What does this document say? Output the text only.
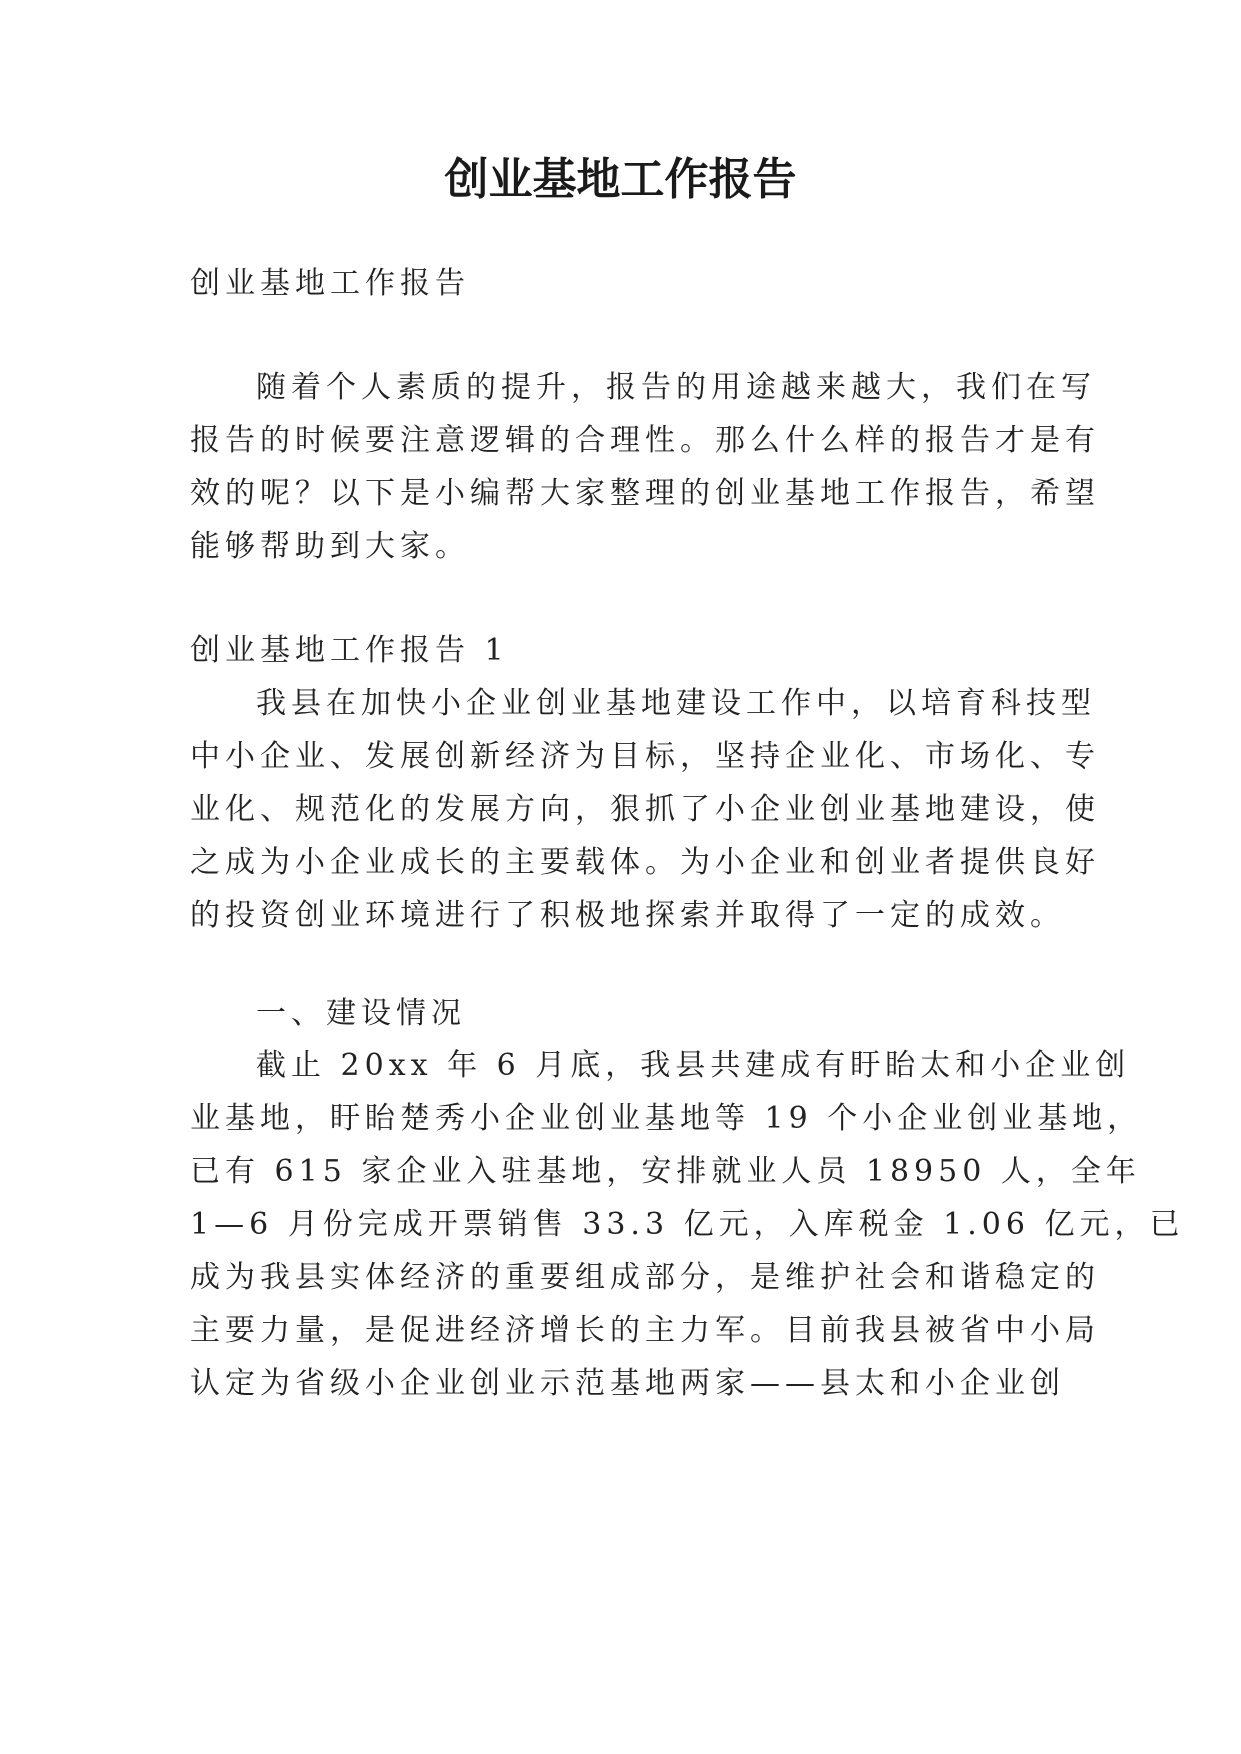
创业基地工作报告

创业基地工作报告

随着个人素质的提升，报告的用途越来越大，我们在写

报告的时候要注意逻辑的合理性。那么什么样的报告才是有

效的呢？以下是小编帮大家整理的创业基地工作报告，希望

能够帮助到大家。

创业基地工作报告 1

我县在加快小企业创业基地建设工作中，以培育科技型

中小企业、发展创新经济为目标，坚持企业化、市场化、专

业化、规范化的发展方向，狠抓了小企业创业基地建设，使

之成为小企业成长的主要载体。为小企业和创业者提供良好

的投资创业环境进行了积极地探索并取得了一定的成效。

一、建设情况

截止 20xx 年 6 月底，我县共建成有盱眙太和小企业创

业基地，盱眙楚秀小企业创业基地等 19 个小企业创业基地，

已有 615 家企业入驻基地，安排就业人员 18950 人，全年

1—6 月份完成开票销售 33.3 亿元，入库税金 1.06 亿元，已

成为我县实体经济的重要组成部分，是维护社会和谐稳定的

主要力量，是促进经济增长的主力军。目前我县被省中小局

认定为省级小企业创业示范基地两家——县太和小企业创
